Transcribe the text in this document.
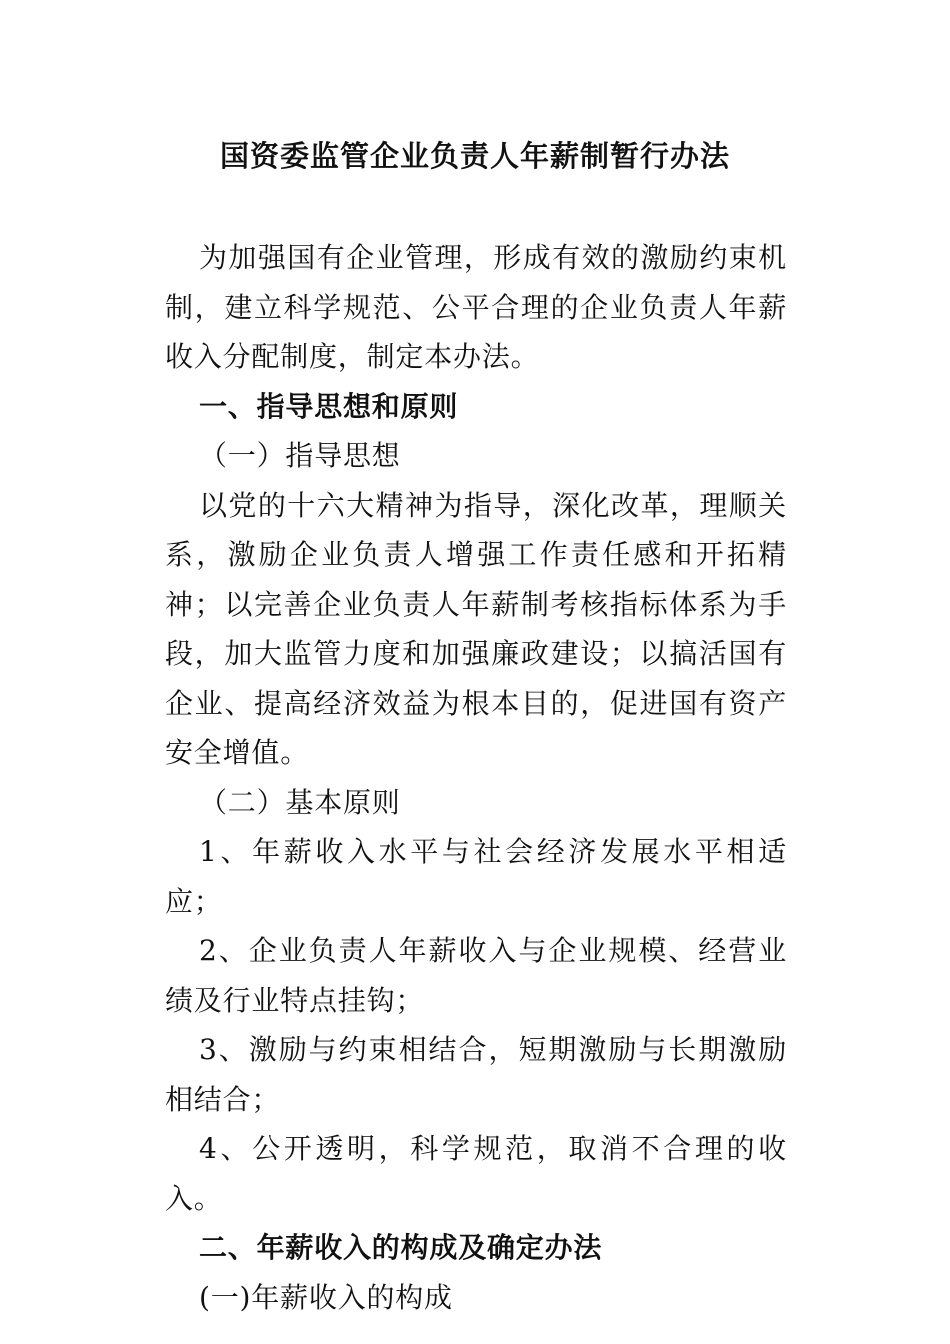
国资委监管企业负责人年薪制暂行办法

为加强国有企业管理，形成有效的激励约束机制，建立科学规范、公平合理的企业负责人年薪收入分配制度，制定本办法。

一、指导思想和原则

（一）指导思想

以党的十六大精神为指导，深化改革，理顺关系，激励企业负责人增强工作责任感和开拓精神；以完善企业负责人年薪制考核指标体系为手段，加大监管力度和加强廉政建设；以搞活国有企业、提高经济效益为根本目的，促进国有资产安全增值。

（二）基本原则

1、年薪收入水平与社会经济发展水平相适应；

2、企业负责人年薪收入与企业规模、经营业绩及行业特点挂钩；

3、激励与约束相结合，短期激励与长期激励相结合；

4、公开透明，科学规范，取消不合理的收入。

二、年薪收入的构成及确定办法

(一)年薪收入的构成
